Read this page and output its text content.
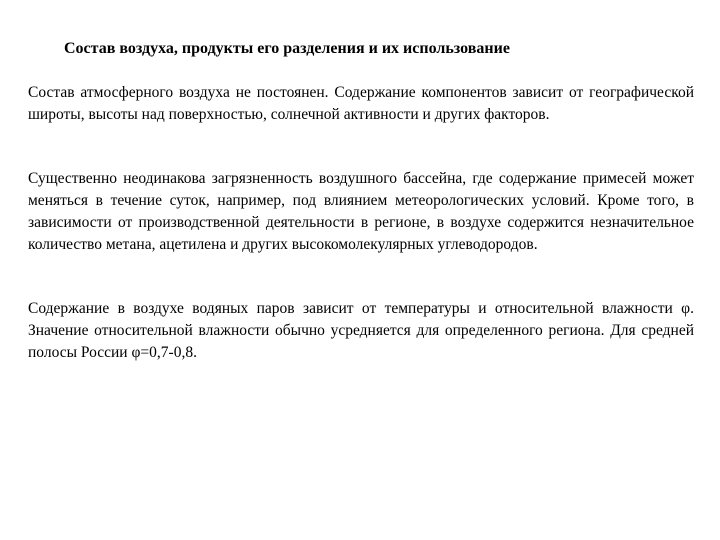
Состав воздуха, продукты его разделения и их использование

Состав атмосферного воздуха не постоянен. Содержание компонентов зависит от географической широты, высоты над поверхностью, солнечной активности и других факторов.

Существенно неодинакова загрязненность воздушного бассейна, где содержание примесей может меняться в течение суток, например, под влиянием метеорологических условий. Кроме того, в зависимости от производственной деятельности в регионе, в воздухе содержится незначительное количество метана, ацетилена и других высокомолекулярных углеводородов.

Содержание в воздухе водяных паров зависит от температуры и относительной влажности φ. Значение относительной влажности обычно усредняется для определенного региона. Для средней полосы России φ=0,7-0,8.
